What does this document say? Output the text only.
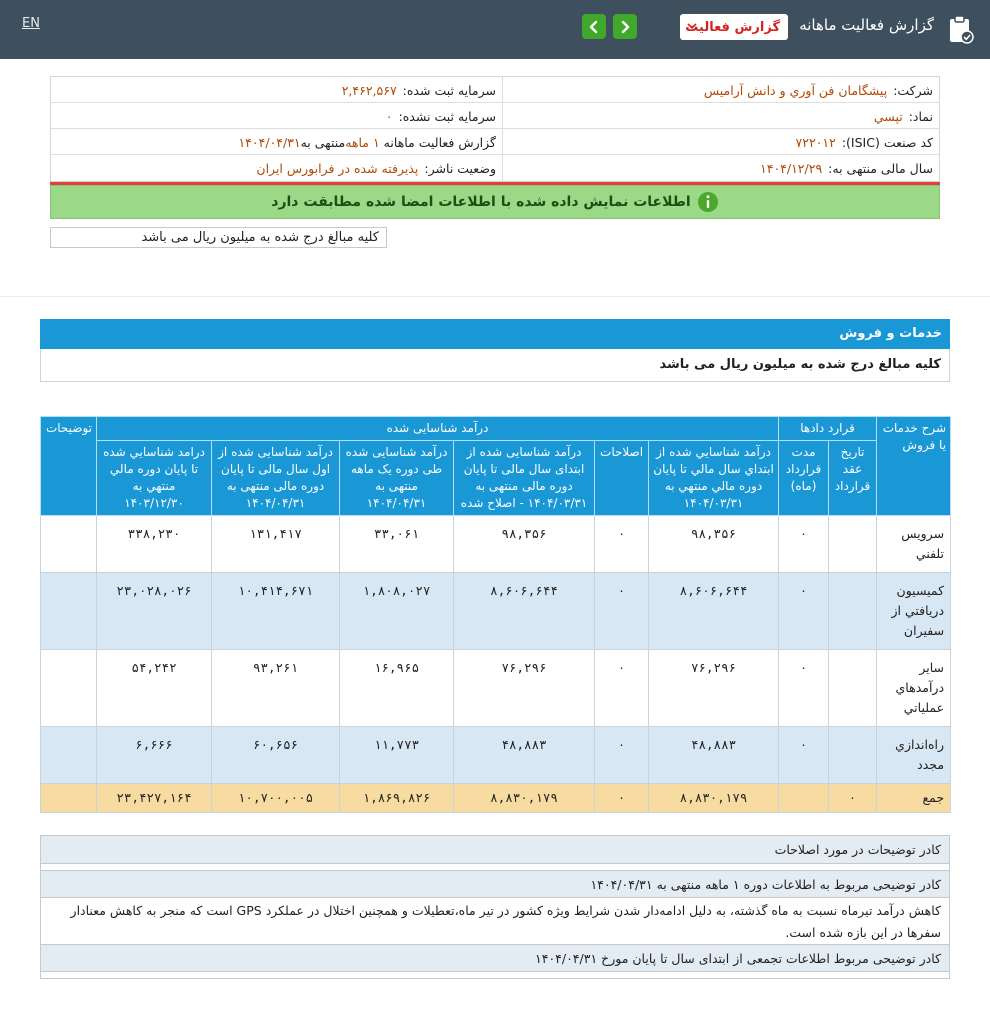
EN	گزارش فعالیت گزارش فعالیت ماهانه
شرکت:
پیشگامان فن آوري و دانش آراميس
سرمایه ثبت شده:
۲,۴۶۲,۵۶۷
نماد:
تپسي
سرمایه ثبت نشده:
۰
کد صنعت (ISIC):
۷۲۲۰۱۲
گزارش فعالیت ماهانه

۱ ماهه
منتهی به
۱۴۰۴/۰۴/۳۱
سال مالی منتهی به:
۱۴۰۴/۱۲/۲۹
وضعیت ناشر:
پذیرفته شده در فرابورس ایران
اطلاعات نمایش داده شده با اطلاعات امضا شده مطابقت دارد
کلیه مبالغ درج شده به میلیون ریال می باشد
خدمات و فروش
کلیه مبالغ درج شده به میلیون ریال می باشد
شرح خدمات یا فروش	قرارد دادها		درآمد شناسایی شده						توضیحات
	تاریخ عقد قرارداد	مدت قرارداد (ماه)	درآمد شناسايي شده از ابتداي سال مالي تا پايان دوره مالي منتهي به ۱۴۰۴/۰۳/۳۱	اصلاحات	درآمد شناسایی شده از ابتدای سال مالی تا پایان دوره مالی منتهی به ۱۴۰۴/۰۳/۳۱ - اصلاح شده	درآمد شناسایی شده طی دوره یک ماهه منتهی به ۱۴۰۴/۰۴/۳۱	درآمد شناسایی شده از اول سال مالی تا پایان دوره مالی منتهی به ۱۴۰۴/۰۴/۳۱	درامد شناسايي شده تا پايان دوره مالي منتهي به ۱۴۰۳/۱۲/۳۰	
سرويس تلفني		۰	۹۸,۳۵۶	۰	۹۸,۳۵۶	۳۳,۰۶۱	۱۳۱,۴۱۷	۳۳۸,۲۳۰	
كميسيون دريافتي از سفيران		۰	۸,۶۰۶,۶۴۴	۰	۸,۶۰۶,۶۴۴	۱,۸۰۸,۰۲۷	۱۰,۴۱۴,۶۷۱	۲۳,۰۲۸,۰۲۶	
ساير درآمدهاي عملياتي		۰	۷۶,۲۹۶	۰	۷۶,۲۹۶	۱۶,۹۶۵	۹۳,۲۶۱	۵۴,۲۴۲	
راه‌اندازي مجدد		۰	۴۸,۸۸۳	۰	۴۸,۸۸۳	۱۱,۷۷۳	۶۰,۶۵۶	۶,۶۶۶	
جمع	۰		۸,۸۳۰,۱۷۹	۰	۸,۸۳۰,۱۷۹	۱,۸۶۹,۸۲۶	۱۰,۷۰۰,۰۰۵	۲۳,۴۲۷,۱۶۴	
کادر توضیحات در مورد اصلاحات
کادر توضیحی مربوط به اطلاعات دوره ۱ ماهه منتهی به ۱۴۰۴/۰۴/۳۱
کاهش درآمد تیرماه نسبت به ماه گذشته، به دلیل ادامه‌دار شدن شرایط ویژه کشور در تیر ماه،تعطیلات و همچنین اختلال در عملکرد GPS است که منجر به کاهش معنادار سفرها در این بازه شده است.
کادر توضیحی مربوط اطلاعات تجمعی از ابتدای سال تا پایان مورخ ۱۴۰۴/۰۴/۳۱
